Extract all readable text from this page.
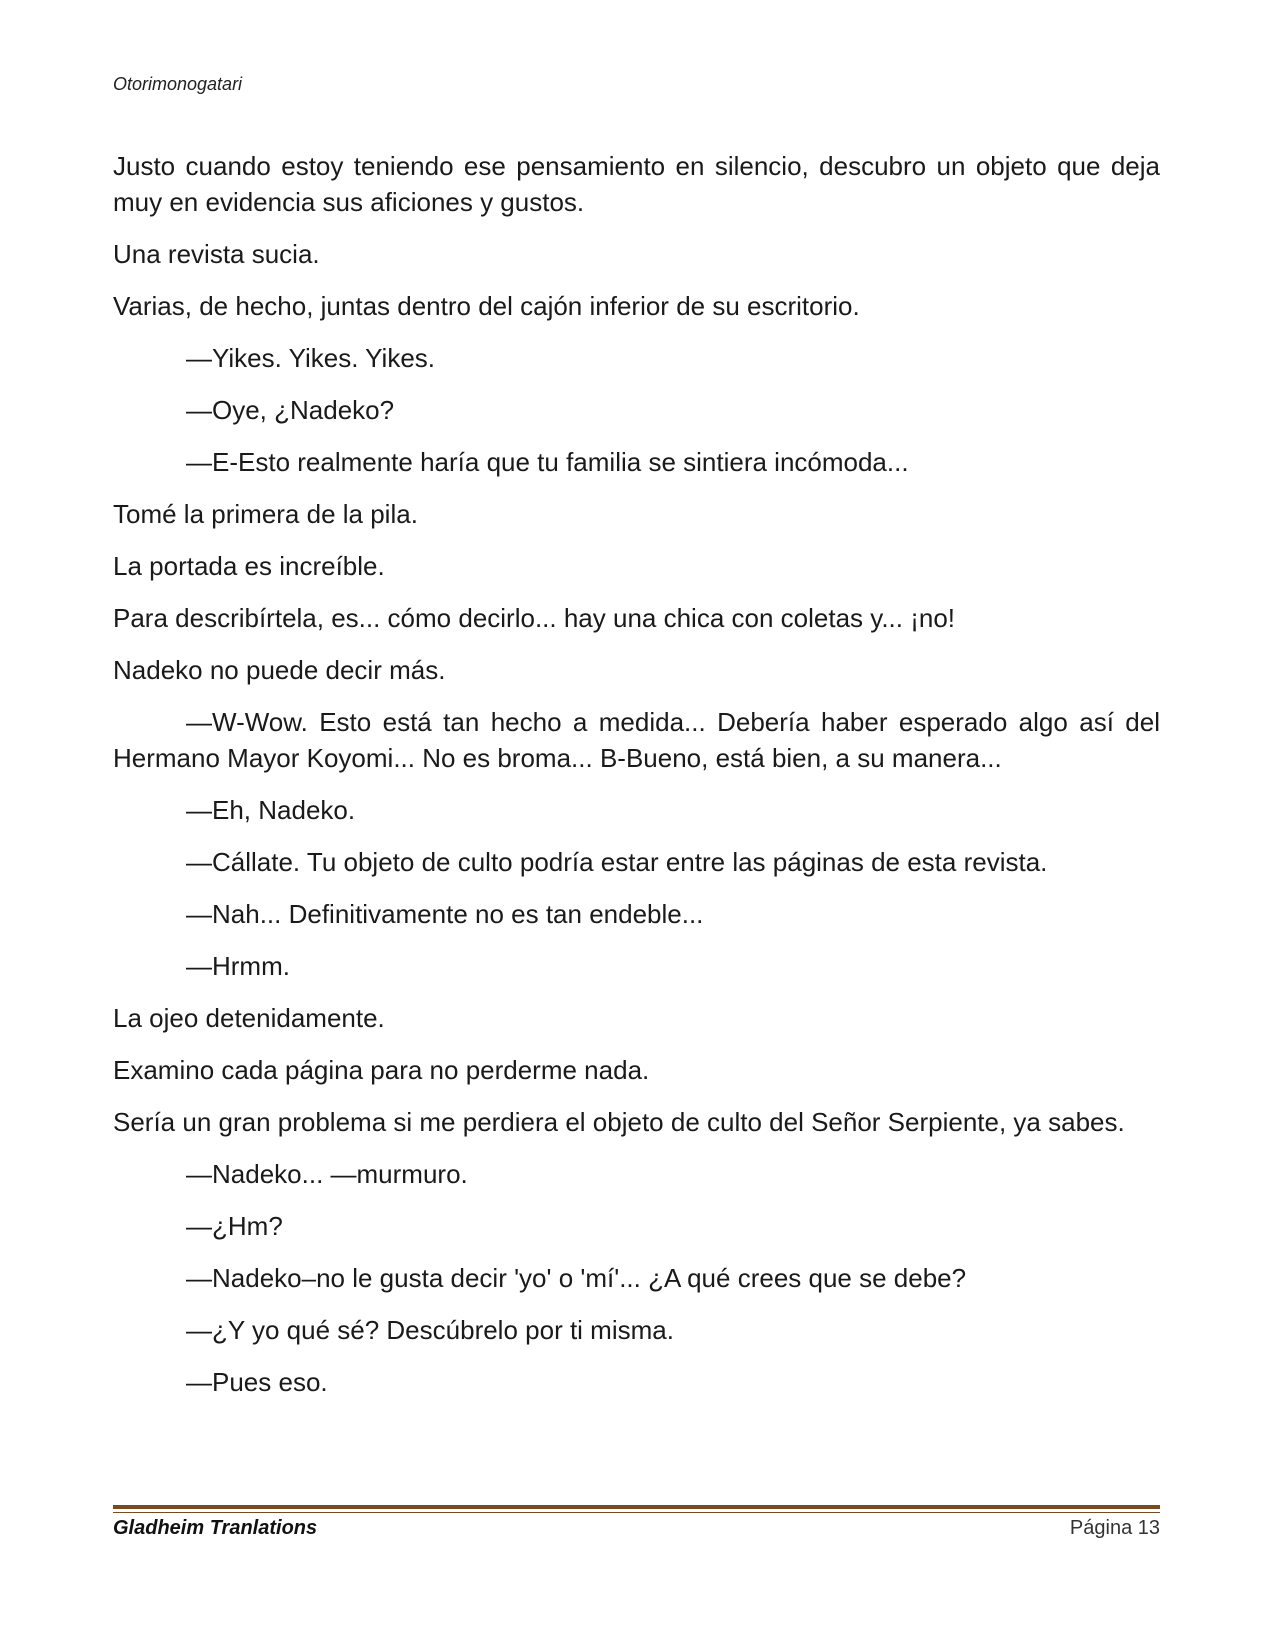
Otorimonogatari

Justo cuando estoy teniendo ese pensamiento en silencio, descubro un objeto que deja muy en evidencia sus aficiones y gustos.

Una revista sucia.

Varias, de hecho, juntas dentro del cajón inferior de su escritorio.

—Yikes. Yikes. Yikes.

—Oye, ¿Nadeko?

—E-Esto realmente haría que tu familia se sintiera incómoda...

Tomé la primera de la pila.

La portada es increíble.

Para describírtela, es... cómo decirlo... hay una chica con coletas y... ¡no!

Nadeko no puede decir más.

—W-Wow. Esto está tan hecho a medida... Debería haber esperado algo así del Hermano Mayor Koyomi... No es broma... B-Bueno, está bien, a su manera...

—Eh, Nadeko.

—Cállate. Tu objeto de culto podría estar entre las páginas de esta revista.

—Nah... Definitivamente no es tan endeble...

—Hrmm.

La ojeo detenidamente.

Examino cada página para no perderme nada.

Sería un gran problema si me perdiera el objeto de culto del Señor Serpiente, ya sabes.

—Nadeko... —murmuro.

—¿Hm?

—Nadeko–no le gusta decir 'yo' o 'mí'... ¿A qué crees que se debe?

—¿Y yo qué sé? Descúbrelo por ti misma.

—Pues eso.

Gladheim Tranlations	Página 13
